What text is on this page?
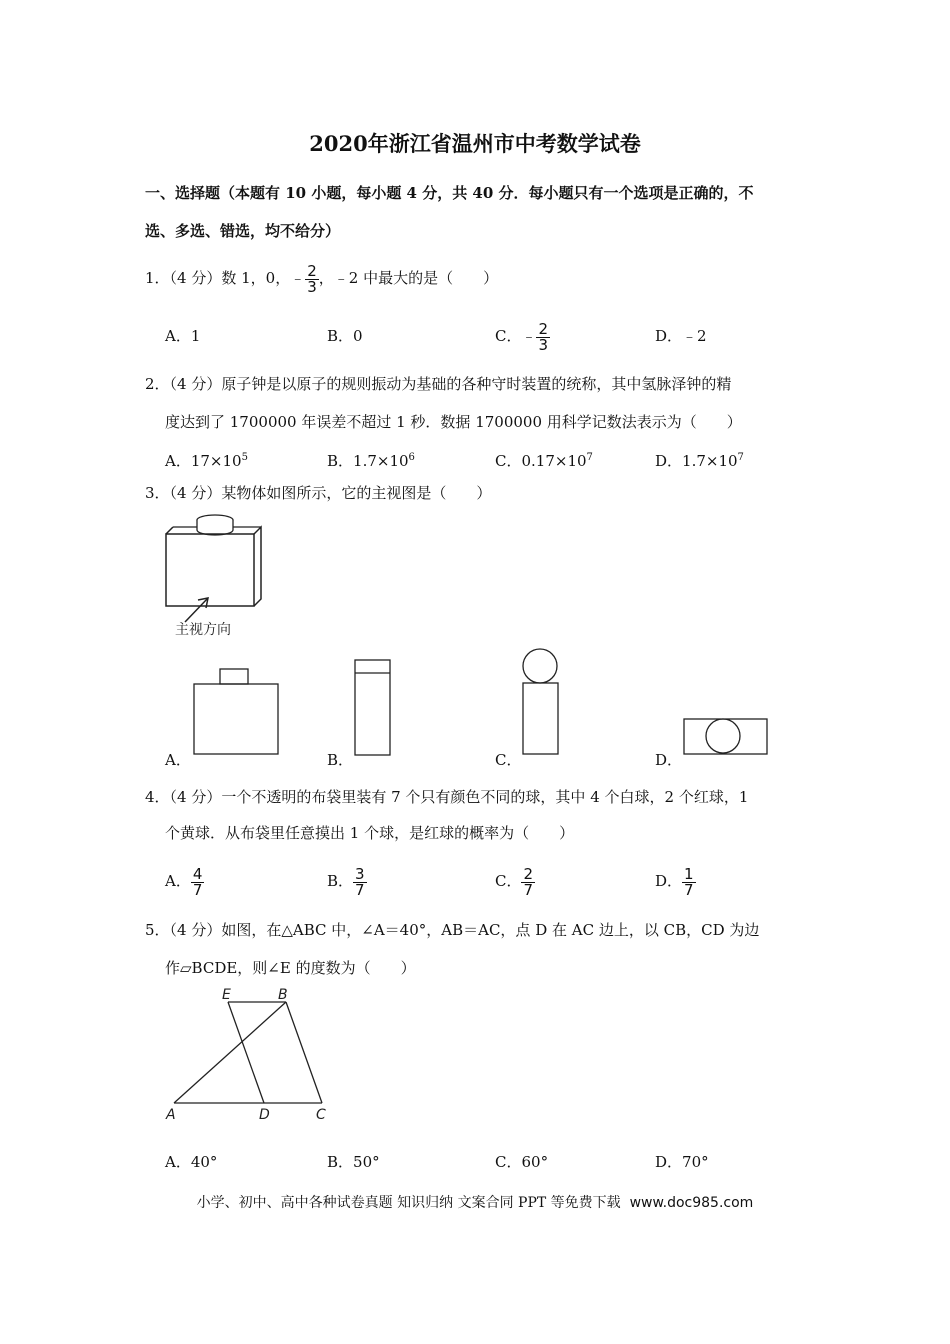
2020年浙江省温州市中考数学试卷
一、选择题（本题有 10 小题，每小题 4 分，共 40 分．每小题只有一个选项是正确的，不
选、多选、错选，均不给分）
1．（4 分）数 1，0，﹣ $\frac{2}{3}$ ，﹣2 中最大的是（　　）
A．1	B．0	C．﹣ $\frac{2}{3}$	D．﹣2
2．（4 分）原子钟是以原子的规则振动为基础的各种守时装置的统称，其中氢脉泽钟的精
度达到了 1700000 年误差不超过 1 秒．数据 1700000 用科学记数法表示为（　　）
A．$17\times 10^5$	B．$1.7\times 10^6$	C．$0.17\times 10^7$	D．$1.7\times 10^7$
3．（4 分）某物体如图所示，它的主视图是（　　）
主视方向
A．	B．	C．	D．
4．（4 分）一个不透明的布袋里装有 7 个只有颜色不同的球，其中 4 个白球，2 个红球，1
个黄球．从布袋里任意摸出 1 个球，是红球的概率为（　　）
A． $\frac{4}{7}$	B． $\frac{3}{7}$	C． $\frac{2}{7}$	D． $\frac{1}{7}$
5．（4 分）如图，在△ABC 中，∠A＝40°，AB＝AC，点 D 在 AC 边上，以 CB，CD 为边
作▱BCDE，则∠E 的度数为（　　）
E	B
A	D	C
A．40°	B．50°	C．60°	D．70°
小学、初中、高中各种试卷真题 知识归纳 文案合同 PPT 等免费下载 www.doc985.com
